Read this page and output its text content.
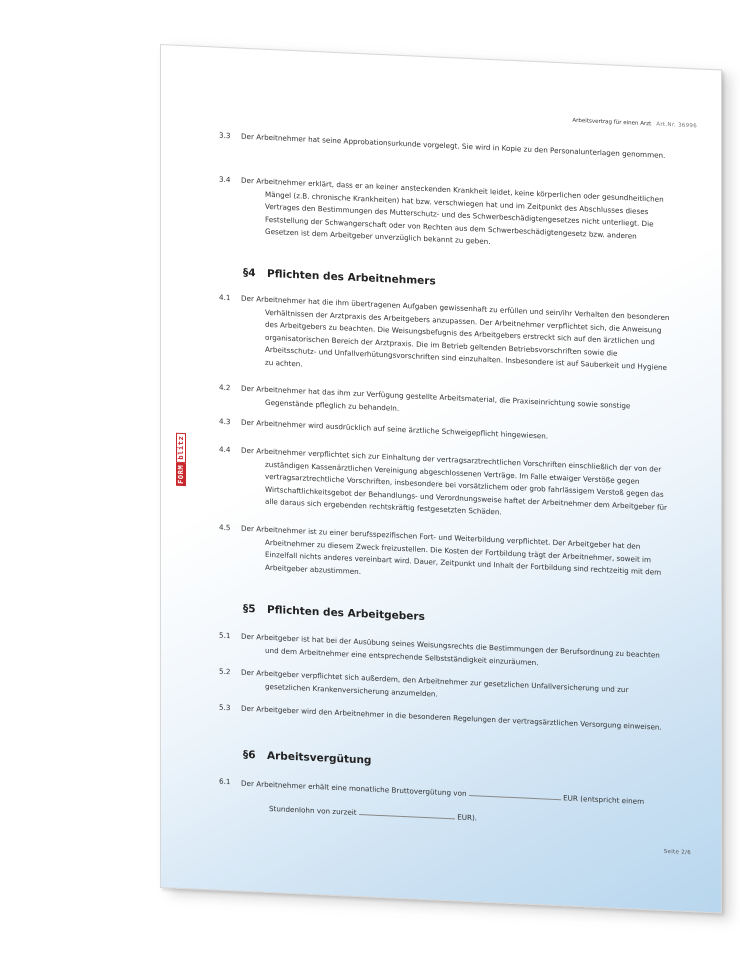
Arbeitsvertrag für einen Arzt Art.Nr. 36996
FORMblitz
3.3 Der Arbeitnehmer hat seine Approbationsurkunde vorgelegt. Sie wird in Kopie zu den Personalunterlagen genommen.
3.4 Der Arbeitnehmer erklärt, dass er an keiner ansteckenden Krankheit leidet, keine körperlichen oder gesundheitlichen Mängel (z.B. chronische Krankheiten) hat bzw. verschwiegen hat und im Zeitpunkt des Abschlusses dieses Vertrages den Bestimmungen des Mutterschutz- und des Schwerbeschädigtengesetzes nicht unterliegt. Die Feststellung der Schwangerschaft oder von Rechten aus dem Schwerbeschädigtengesetz bzw. anderen Gesetzen ist dem Arbeitgeber unverzüglich bekannt zu geben.
§4 Pflichten des Arbeitnehmers
4.1 Der Arbeitnehmer hat die ihm übertragenen Aufgaben gewissenhaft zu erfüllen und sein/ihr Verhalten den besonderen Verhältnissen der Arztpraxis des Arbeitgebers anzupassen. Der Arbeitnehmer verpflichtet sich, die Anweisung des Arbeitgebers zu beachten. Die Weisungsbefugnis des Arbeitgebers erstreckt sich auf den ärztlichen und organisatorischen Bereich der Arztpraxis. Die im Betrieb geltenden Betriebsvorschriften sowie die Arbeitsschutz- und Unfallverhütungsvorschriften sind einzuhalten. Insbesondere ist auf Sauberkeit und Hygiene zu achten.
4.2 Der Arbeitnehmer hat das ihm zur Verfügung gestellte Arbeitsmaterial, die Praxiseinrichtung sowie sonstige Gegenstände pfleglich zu behandeln.
4.3 Der Arbeitnehmer wird ausdrücklich auf seine ärztliche Schweigepflicht hingewiesen.
4.4 Der Arbeitnehmer verpflichtet sich zur Einhaltung der vertragsarztrechtlichen Vorschriften einschließlich der von der zuständigen Kassenärztlichen Vereinigung abgeschlossenen Verträge. Im Falle etwaiger Verstöße gegen vertragsarztrechtliche Vorschriften, insbesondere bei vorsätzlichem oder grob fahrlässigem Verstoß gegen das Wirtschaftlichkeitsgebot der Behandlungs- und Verordnungsweise haftet der Arbeitnehmer dem Arbeitgeber für alle daraus sich ergebenden rechtskräftig festgesetzten Schäden.
4.5 Der Arbeitnehmer ist zu einer berufsspezifischen Fort- und Weiterbildung verpflichtet. Der Arbeitgeber hat den Arbeitnehmer zu diesem Zweck freizustellen. Die Kosten der Fortbildung trägt der Arbeitnehmer, soweit im Einzelfall nichts anderes vereinbart wird. Dauer, Zeitpunkt und Inhalt der Fortbildung sind rechtzeitig mit dem Arbeitgeber abzustimmen.
§5 Pflichten des Arbeitgebers
5.1 Der Arbeitgeber ist hat bei der Ausübung seines Weisungsrechts die Bestimmungen der Berufsordnung zu beachten und dem Arbeitnehmer eine entsprechende Selbstständigkeit einzuräumen.
5.2 Der Arbeitgeber verpflichtet sich außerdem, den Arbeitnehmer zur gesetzlichen Unfallversicherung und zur gesetzlichen Krankenversicherung anzumelden.
5.3 Der Arbeitgeber wird den Arbeitnehmer in die besonderen Regelungen der vertragsärztlichen Versorgung einweisen.
§6 Arbeitsvergütung
6.1 Der Arbeitnehmer erhält eine monatliche Bruttovergütung von  EUR (entspricht einem
Stundenlohn von zurzeit  EUR).
Seite 2/6
